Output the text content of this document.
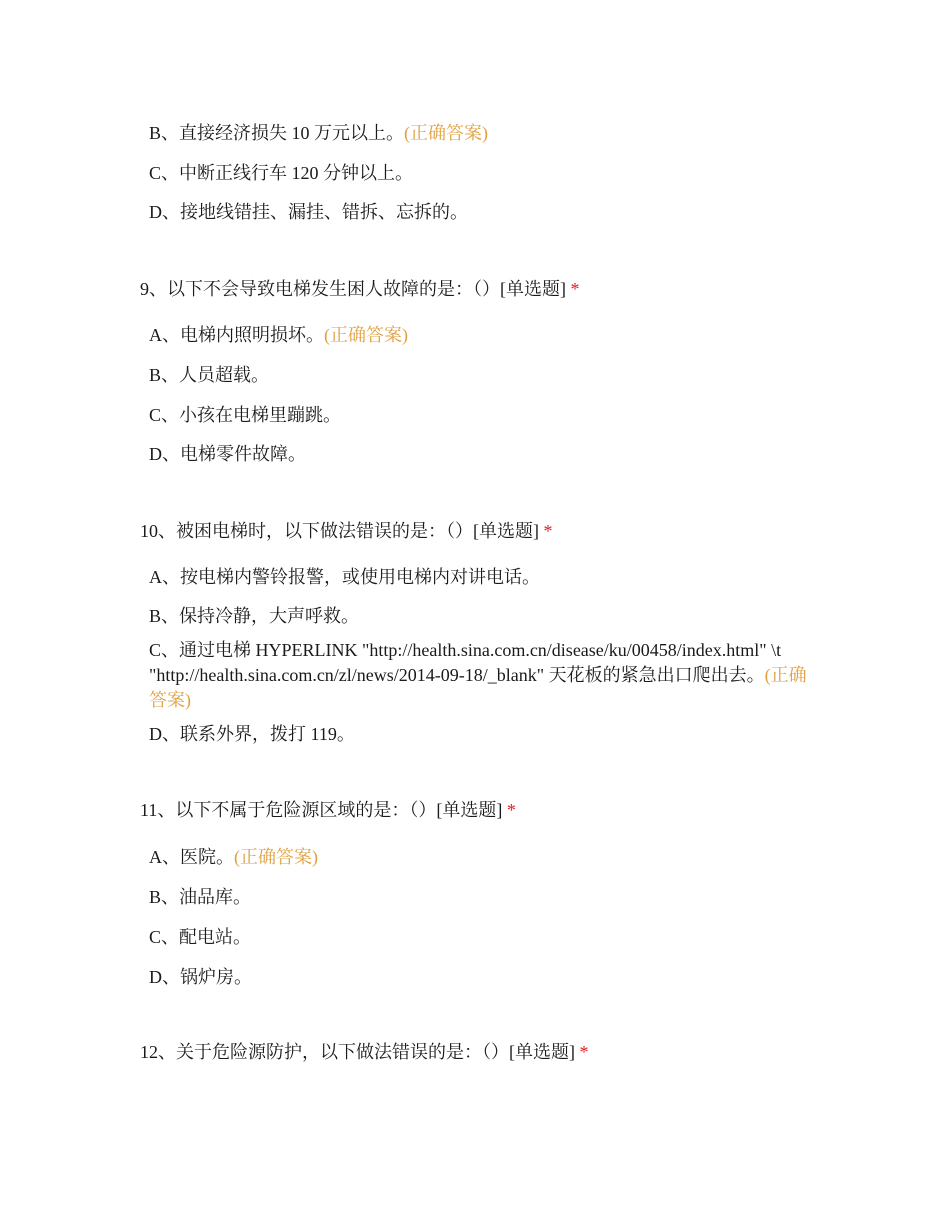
B、直接经济损失 10 万元以上。(正确答案)
C、中断正线行车 120 分钟以上。
D、接地线错挂、漏挂、错拆、忘拆的。
9、以下不会导致电梯发生困人故障的是：（）[单选题] *
A、电梯内照明损坏。(正确答案)
B、人员超载。
C、小孩在电梯里蹦跳。
D、电梯零件故障。
10、被困电梯时，以下做法错误的是：（）[单选题] *
A、按电梯内警铃报警，或使用电梯内对讲电话。
B、保持冷静，大声呼救。
C、通过电梯 HYPERLINK "http://health.sina.com.cn/disease/ku/00458/index.html" \t "http://health.sina.com.cn/zl/news/2014-09-18/_blank" 天花板的紧急出口爬出去。(正确答案)
D、联系外界，拨打 119。
11、以下不属于危险源区域的是：（）[单选题] *
A、医院。(正确答案)
B、油品库。
C、配电站。
D、锅炉房。
12、关于危险源防护，以下做法错误的是：（）[单选题] *
